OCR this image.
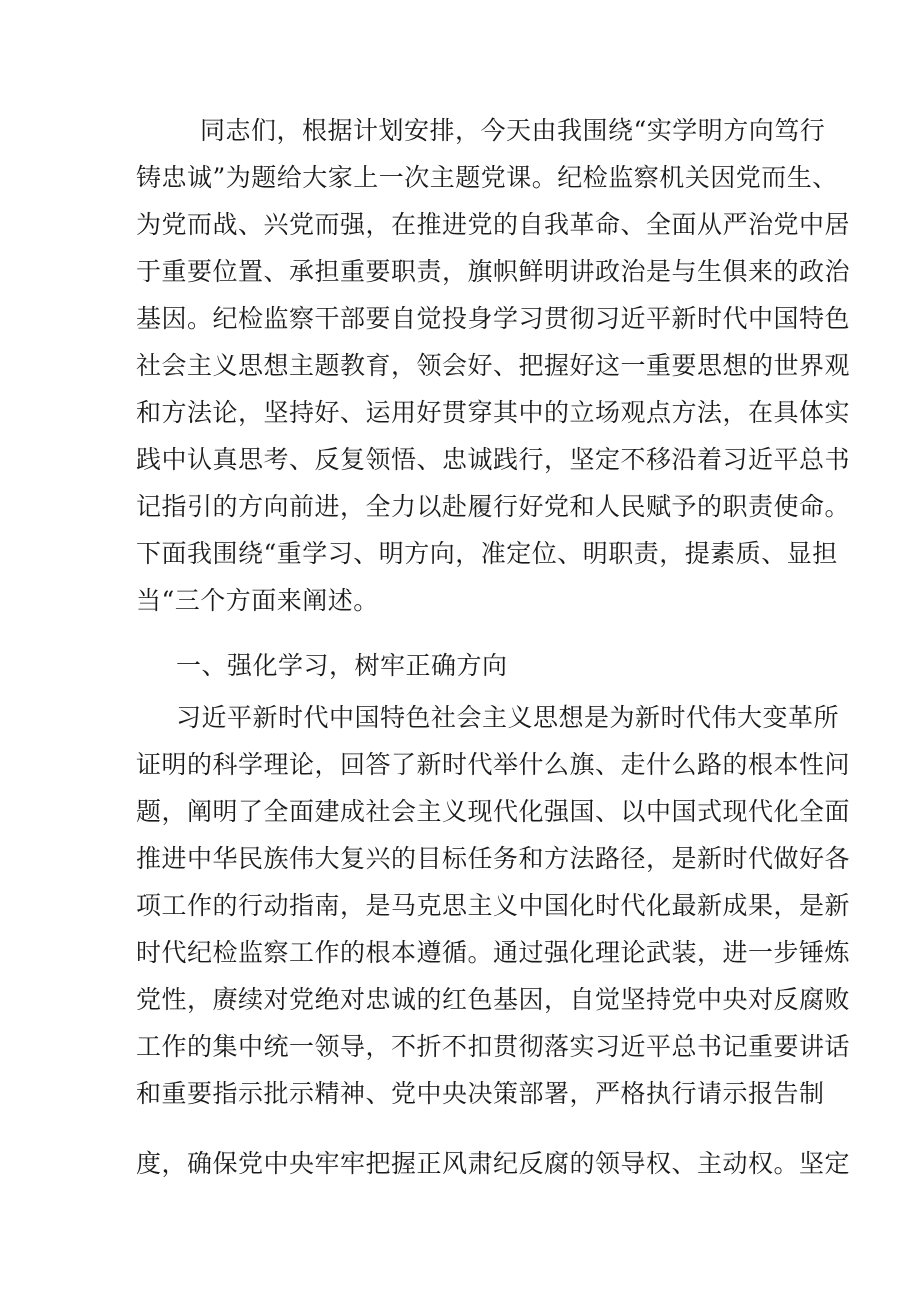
同志们，根据计划安排，今天由我围绕“实学明方向笃行
铸忠诚”为题给大家上一次主题党课。纪检监察机关因党而生、
为党而战、兴党而强，在推进党的自我革命、全面从严治党中居
于重要位置、承担重要职责，旗帜鲜明讲政治是与生俱来的政治
基因。纪检监察干部要自觉投身学习贯彻习近平新时代中国特色
社会主义思想主题教育，领会好、把握好这一重要思想的世界观
和方法论，坚持好、运用好贯穿其中的立场观点方法，在具体实
践中认真思考、反复领悟、忠诚践行，坚定不移沿着习近平总书
记指引的方向前进，全力以赴履行好党和人民赋予的职责使命。
下面我围绕“重学习、明方向，准定位、明职责，提素质、显担
当“三个方面来阐述。
一、强化学习，树牢正确方向
习近平新时代中国特色社会主义思想是为新时代伟大变革所
证明的科学理论，回答了新时代举什么旗、走什么路的根本性问
题，阐明了全面建成社会主义现代化强国、以中国式现代化全面
推进中华民族伟大复兴的目标任务和方法路径，是新时代做好各
项工作的行动指南，是马克思主义中国化时代化最新成果，是新
时代纪检监察工作的根本遵循。通过强化理论武装，进一步锤炼
党性，赓续对党绝对忠诚的红色基因，自觉坚持党中央对反腐败
工作的集中统一领导，不折不扣贯彻落实习近平总书记重要讲话
和重要指示批示精神、党中央决策部署，严格执行请示报告制
度，确保党中央牢牢把握正风肃纪反腐的领导权、主动权。坚定
